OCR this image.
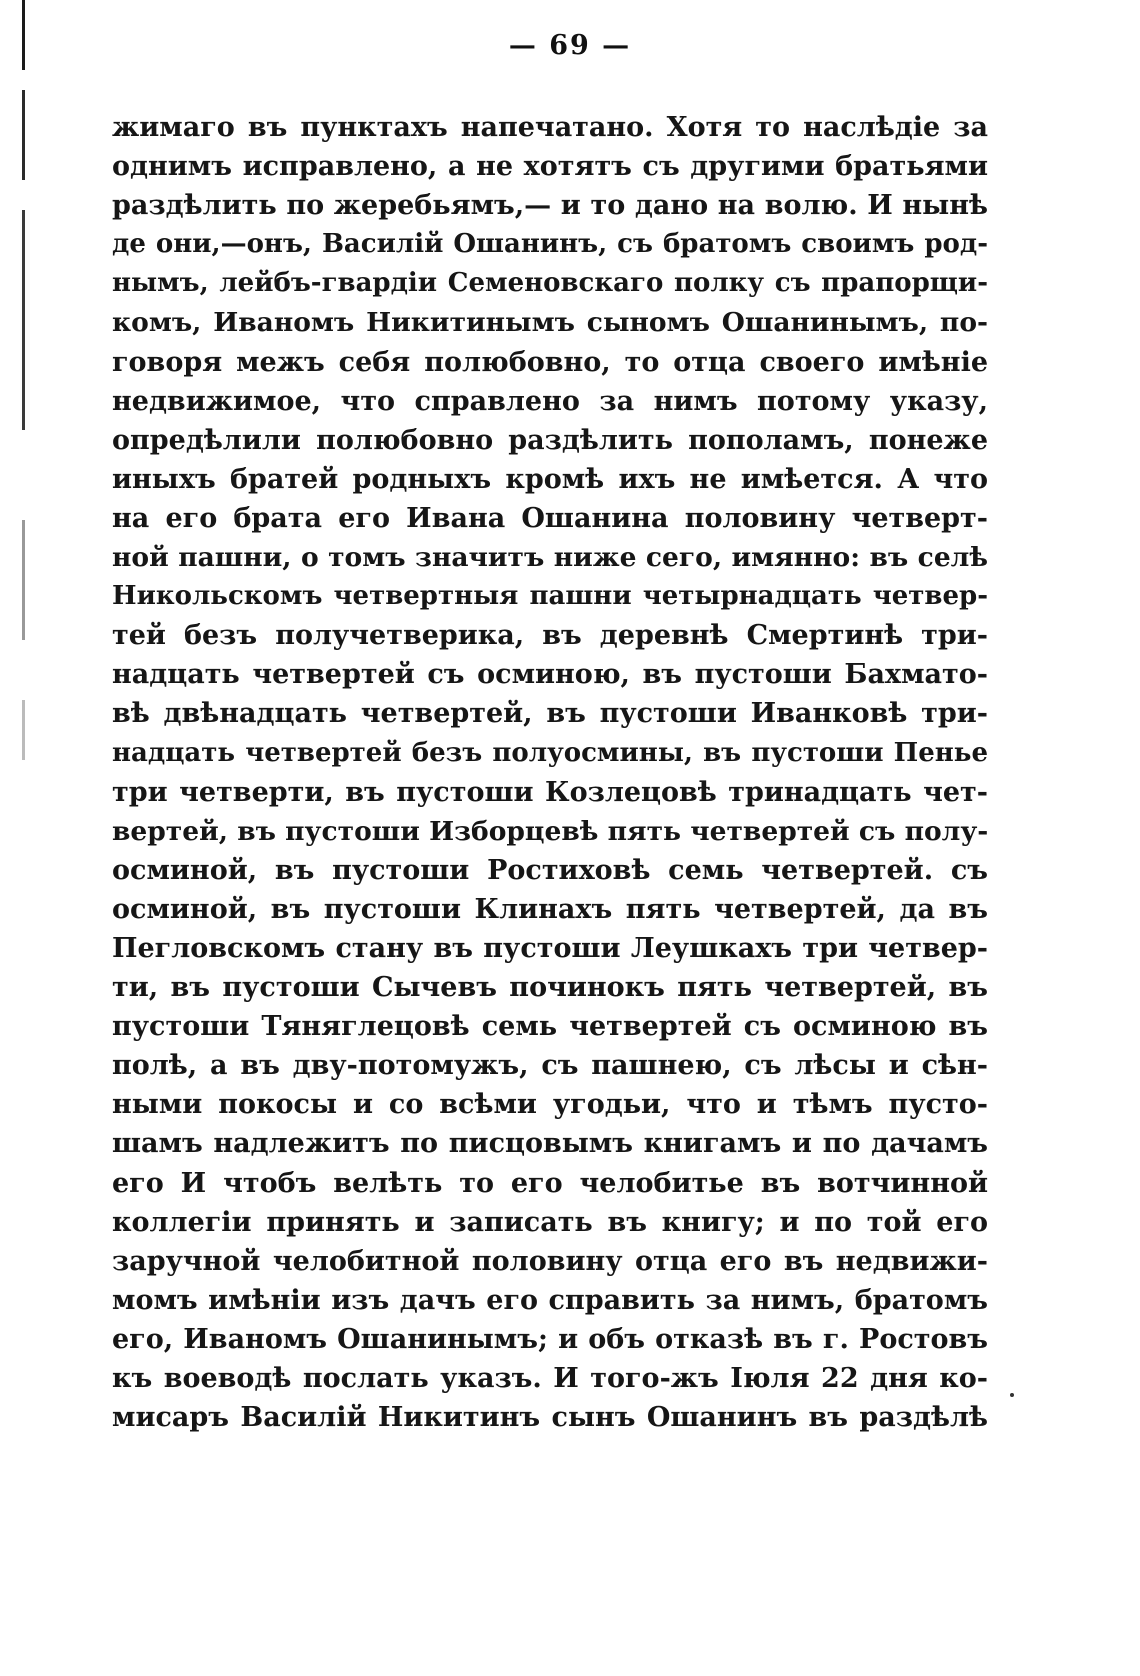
— 69 —
жимаго въ пунктахъ напечатано. Хотя то наслѣдіе за
однимъ исправлено, а не хотятъ съ другими братьями
раздѣлить по жеребьямъ,— и то дано на волю. И нынѣ
де они,—онъ, Василій Ошанинъ, съ братомъ своимъ род-
нымъ, лейбъ-гвардіи Семеновскаго полку съ прапорщи-
комъ, Иваномъ Никитинымъ сыномъ Ошанинымъ, по-
говоря межъ себя полюбовно, то отца своего имѣніе
недвижимое, что справлено за нимъ потому указу,
опредѣлили полюбовно раздѣлить пополамъ, понеже
иныхъ братей родныхъ кромѣ ихъ не имѣется. А что
на его брата его Ивана Ошанина половину четверт-
ной пашни, о томъ значитъ ниже сего, имянно: въ селѣ
Никольскомъ четвертныя пашни четырнадцать четвер-
тей безъ получетверика, въ деревнѣ Смертинѣ три-
надцать четвертей съ осминою, въ пустоши Бахмато-
вѣ двѣнадцать четвертей, въ пустоши Иванковѣ три-
надцать четвертей безъ полуосмины, въ пустоши Пенье
три четверти, въ пустоши Козлецовѣ тринадцать чет-
вертей, въ пустоши Изборцевѣ пять четвертей съ полу-
осминой, въ пустоши Ростиховѣ семь четвертей. съ
осминой, въ пустоши Клинахъ пять четвертей, да въ
Пегловскомъ стану въ пустоши Леушкахъ три четвер-
ти, въ пустоши Сычевъ починокъ пять четвертей, въ
пустоши Тяняглецовѣ семь четвертей съ осминою въ
полѣ, а въ дву-потомужъ, съ пашнею, съ лѣсы и сѣн-
ными покосы и со всѣми угодьи, что и тѣмъ пусто-
шамъ надлежитъ по писцовымъ книгамъ и по дачамъ
его И чтобъ велѣть то его челобитье въ вотчинной
коллегіи принять и записать въ книгу; и по той его
заручной челобитной половину отца его въ недвижи-
момъ имѣніи изъ дачъ его справить за нимъ, братомъ
его, Иваномъ Ошанинымъ; и объ отказѣ въ г. Ростовъ
къ воеводѣ послать указъ. И того-жъ Іюля 22 дня ко-
мисаръ Василій Никитинъ сынъ Ошанинъ въ раздѣлѣ
